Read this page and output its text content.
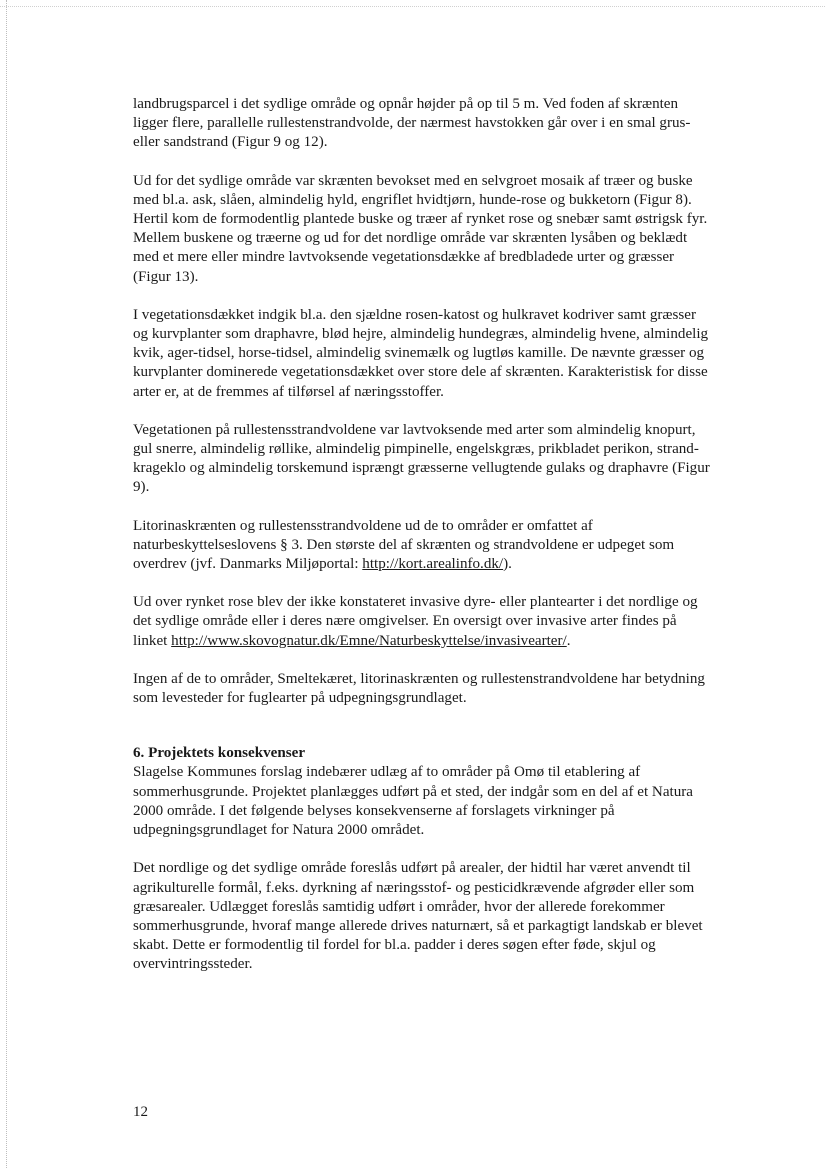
landbrugsparcel i det sydlige område og opnår højder på op til 5 m. Ved foden af skrænten ligger flere, parallelle rullestenstrandvolde, der nærmest havstokken går over i en smal grus- eller sandstrand (Figur 9 og 12).

Ud for det sydlige område var skrænten bevokset med en selvgroet mosaik af træer og buske med bl.a. ask, slåen, almindelig hyld, engriflet hvidtjørn, hunde-rose og bukketorn (Figur 8). Hertil kom de formodentlig plantede buske og træer af rynket rose og snebær samt østrigsk fyr. Mellem buskene og træerne og ud for det nordlige område var skrænten lysåben og beklædt med et mere eller mindre lavtvoksende vegetationsdække af bredbladede urter og græsser (Figur 13).

I vegetationsdækket indgik bl.a. den sjældne rosen-katost og hulkravet kodriver samt græsser og kurvplanter som draphavre, blød hejre, almindelig hundegræs, almindelig hvene, almindelig kvik, ager-tidsel, horse-tidsel, almindelig svinemælk og lugtløs kamille. De nævnte græsser og kurvplanter dominerede vegetationsdækket over store dele af skrænten. Karakteristisk for disse arter er, at de fremmes af tilførsel af næringsstoffer.

Vegetationen på rullestensstrandvoldene var lavtvoksende med arter som almindelig knopurt, gul snerre, almindelig røllike, almindelig pimpinelle, engelskgræs, prikbladet perikon, strand-krageklo og almindelig torskemund isprængt græsserne vellugtende gulaks og draphavre (Figur 9).

Litorinaskrænten og rullestensstrandvoldene ud de to områder er omfattet af naturbeskyttelseslovens § 3. Den største del af skrænten og strandvoldene er udpeget som overdrev (jvf. Danmarks Miljøportal: http://kort.arealinfo.dk/).

Ud over rynket rose blev der ikke konstateret invasive dyre- eller plantearter i det nordlige og det sydlige område eller i deres nære omgivelser. En oversigt over invasive arter findes på linket http://www.skovognatur.dk/Emne/Naturbeskyttelse/invasivearter/.

Ingen af de to områder, Smeltekæret, litorinaskrænten og rullestenstrandvoldene har betydning som levesteder for fuglearter på udpegningsgrundlaget.

6. Projektets konsekvenser

Slagelse Kommunes forslag indebærer udlæg af to områder på Omø til etablering af sommerhusgrunde. Projektet planlægges udført på et sted, der indgår som en del af et Natura 2000 område. I det følgende belyses konsekvenserne af forslagets virkninger på udpegningsgrundlaget for Natura 2000 området.

Det nordlige og det sydlige område foreslås udført på arealer, der hidtil har været anvendt til agrikulturelle formål, f.eks. dyrkning af næringsstof- og pesticidkrævende afgrøder eller som græsarealer. Udlægget foreslås samtidig udført i områder, hvor der allerede forekommer sommerhusgrunde, hvoraf mange allerede drives naturnært, så et parkagtigt landskab er blevet skabt. Dette er formodentlig til fordel for bl.a. padder i deres søgen efter føde, skjul og overvintringssteder.

12
